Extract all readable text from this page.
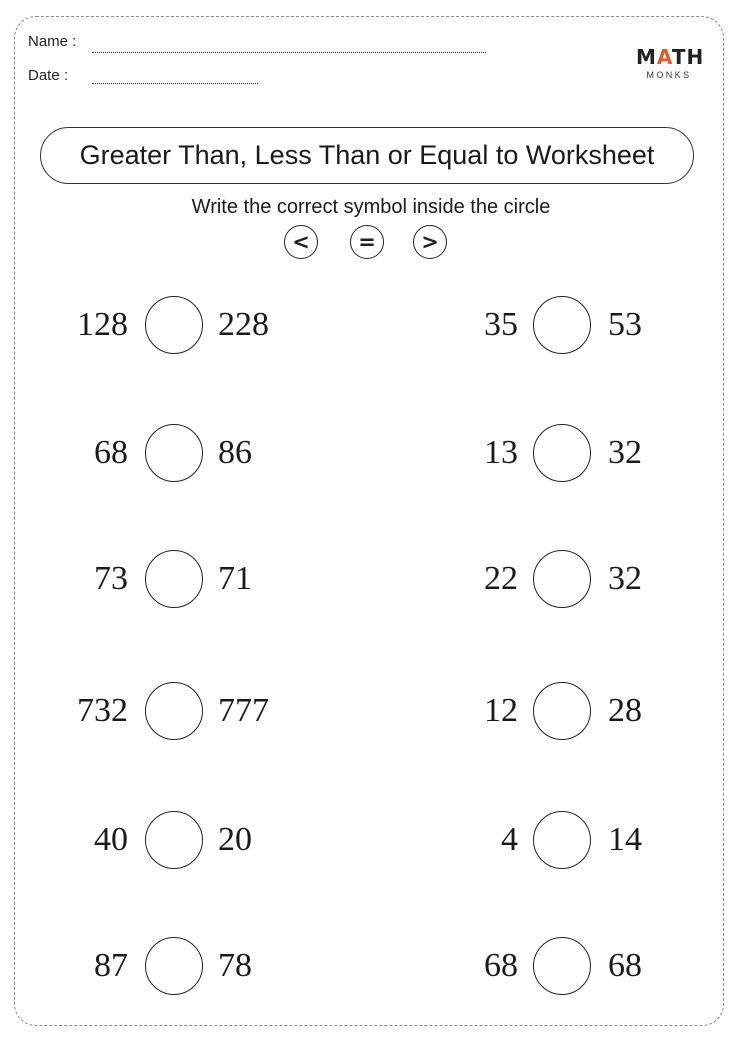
Name :
Date :
MATH
MONKS
Greater Than, Less Than or Equal to Worksheet
Write the correct symbol inside the circle
<	=	>
128	228
68	86
73	71
732	777
40	20
87	78
35	53
13	32
22	32
12	28
4	14
68	68
